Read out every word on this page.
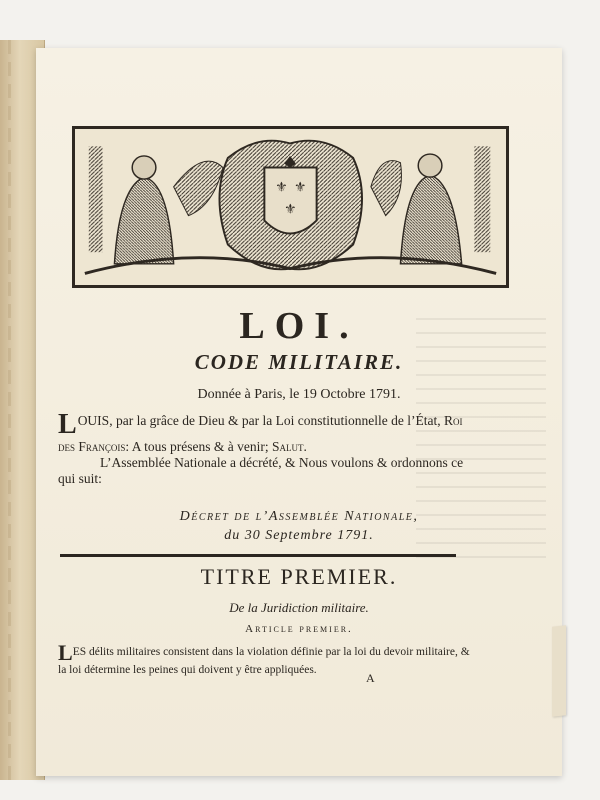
⚜ ⚜
⚜
LOI.
CODE MILITAIRE.
Donnée à Paris, le 19 Octobre 1791.

LOUIS, par la grâce de Dieu & par la Loi constitutionnelle de l’État, Roi des François: A tous présens & à venir; Salut.

L’Assemblée Nationale a décrété, & Nous voulons & ordonnons ce qui suit:

Décret de l’Assemblée Nationale,
du 30 Septembre 1791.
TITRE PREMIER.
De la Juridiction militaire.
Article premier.

LES délits militaires consistent dans la violation définie par la loi du devoir militaire, & la loi détermine les peines qui doivent y être appliquées.

A
